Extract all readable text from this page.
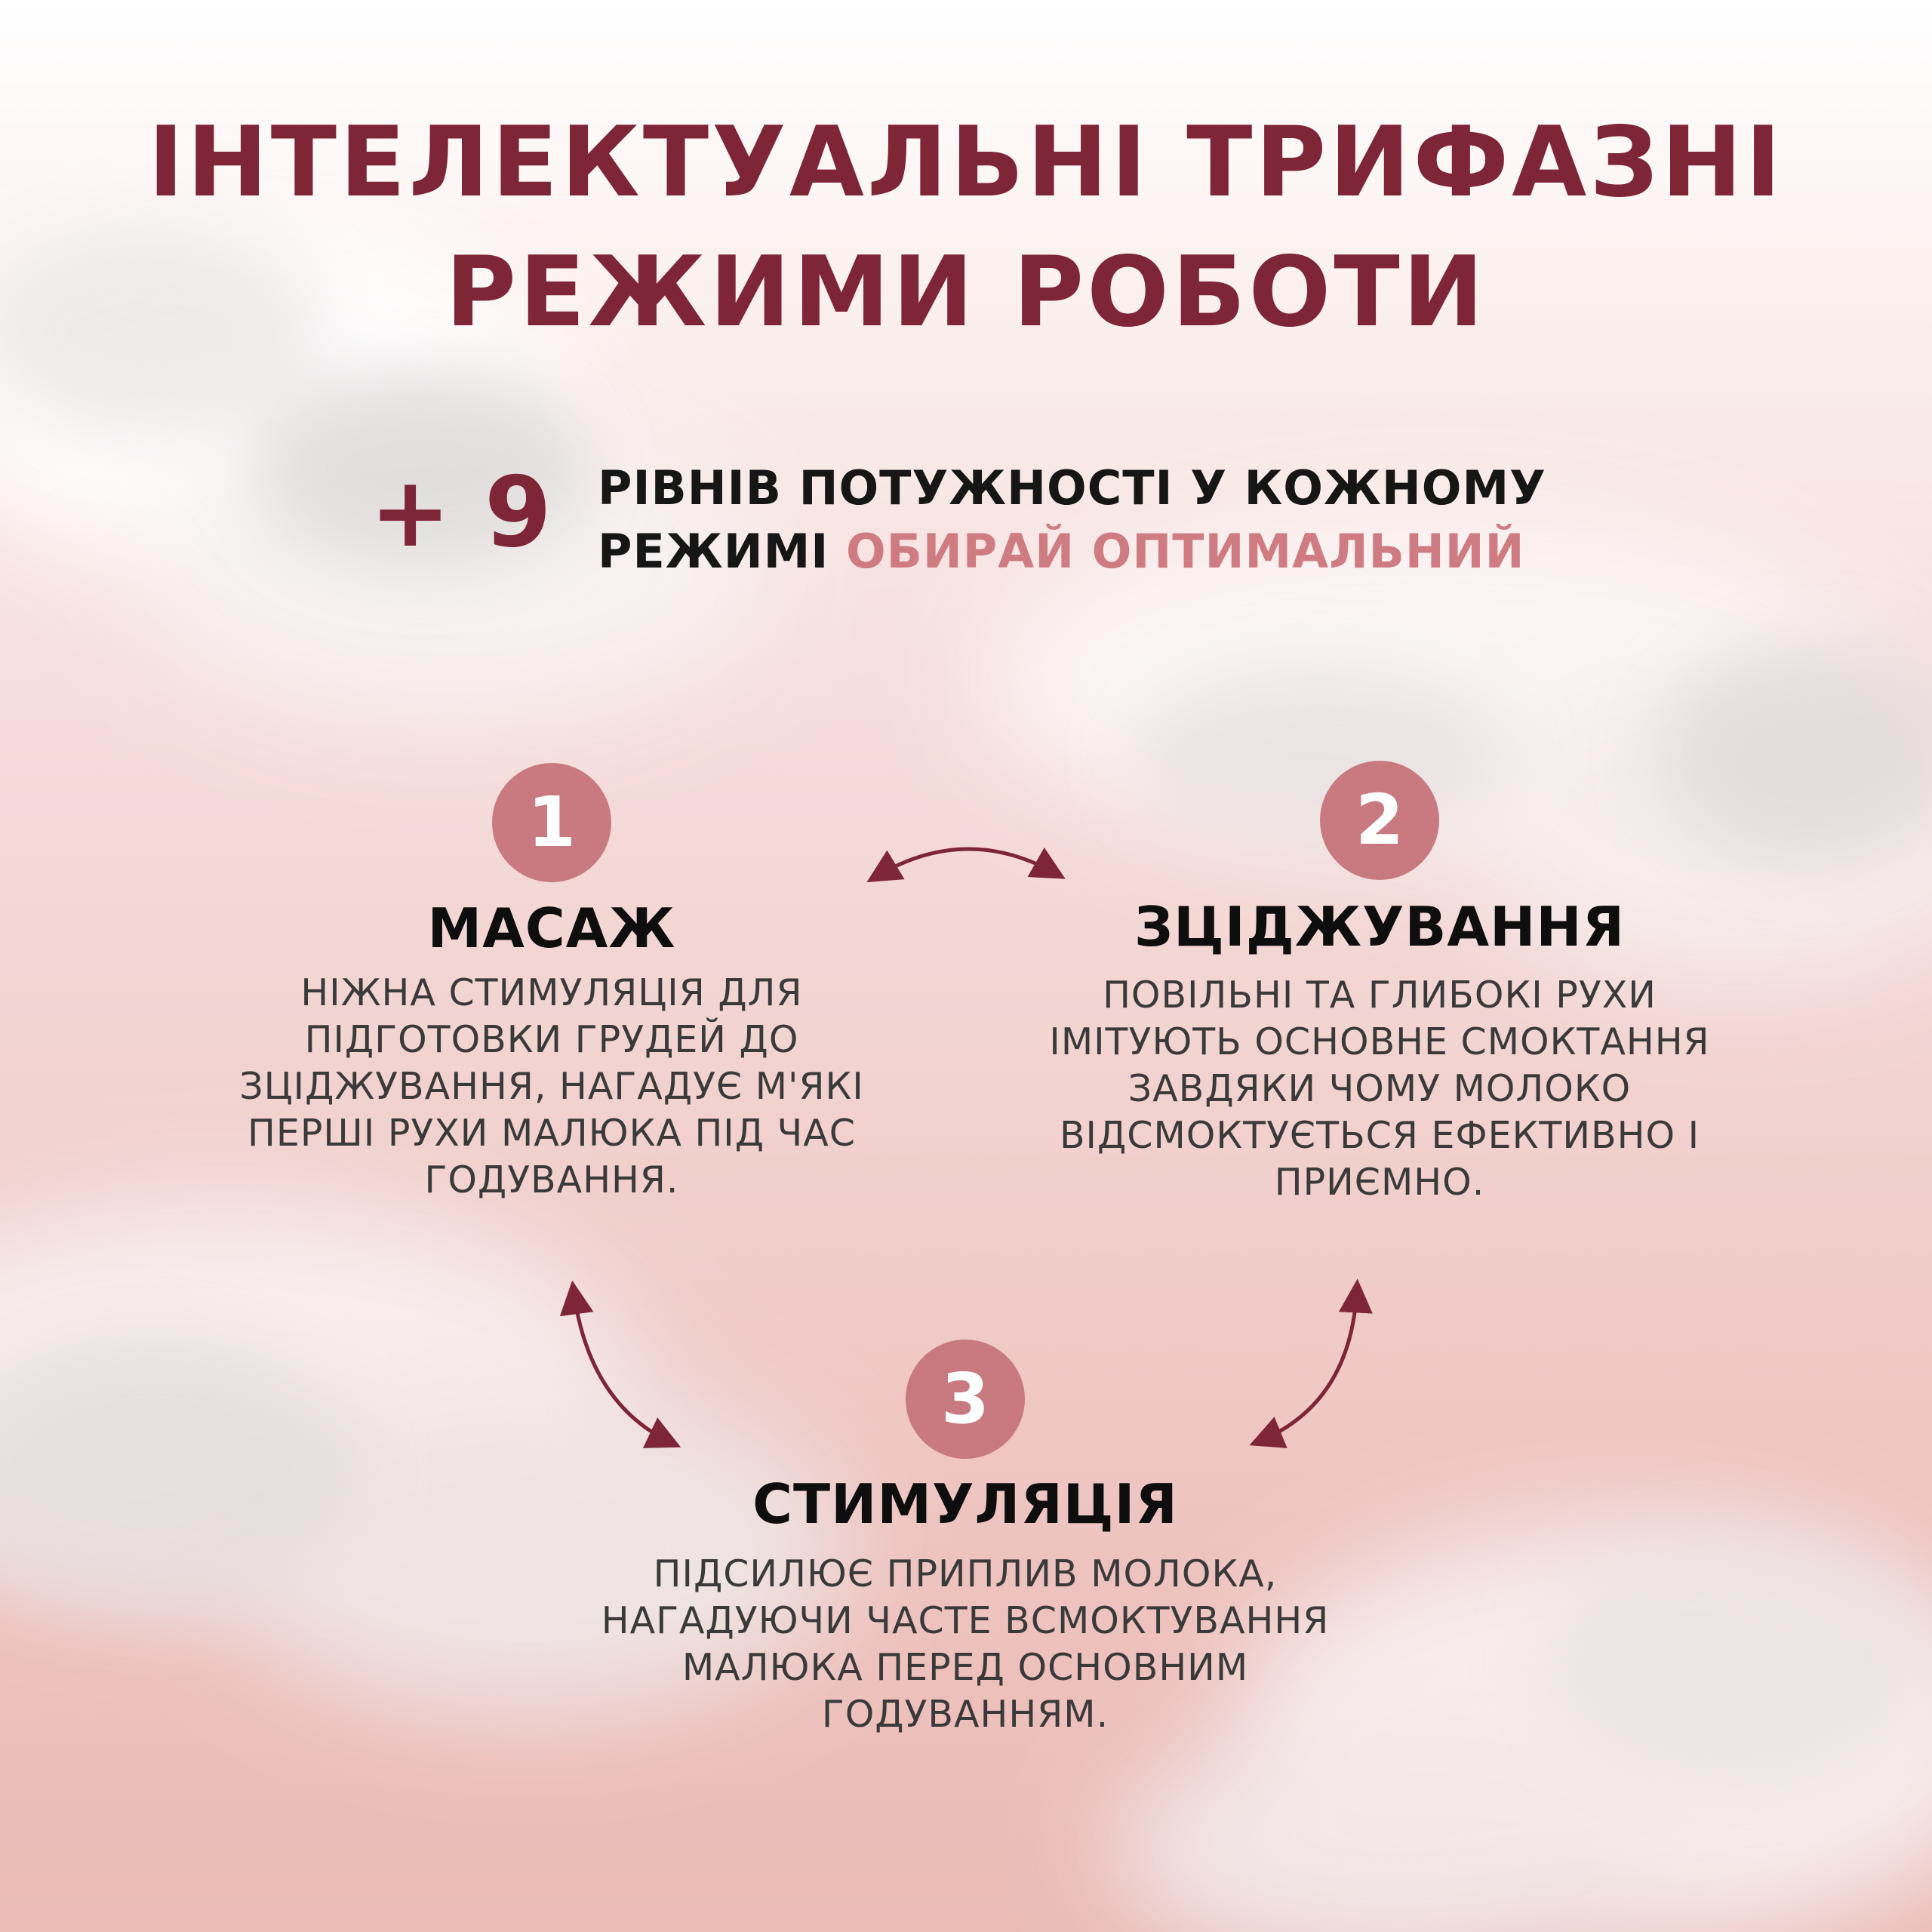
ІНТЕЛЕКТУАЛЬНІ ТРИФАЗНІ
РЕЖИМИ РОБОТИ
+ 9 РІВНІВ ПОТУЖНОСТІ У КОЖНОМУ
РЕЖИМІ ОБИРАЙ ОПТИМАЛЬНИЙ
1
МАСАЖ
НІЖНА СТИМУЛЯЦІЯ ДЛЯ
ПІДГОТОВКИ ГРУДЕЙ ДО
ЗЦІДЖУВАННЯ, НАГАДУЄ М'ЯКІ
ПЕРШІ РУХИ МАЛЮКА ПІД ЧАС
ГОДУВАННЯ.
2
ЗЦІДЖУВАННЯ
ПОВІЛЬНІ ТА ГЛИБОКІ РУХИ
ІМІТУЮТЬ ОСНОВНЕ СМОКТАННЯ
ЗАВДЯКИ ЧОМУ МОЛОКО
ВІДСМОКТУЄТЬСЯ ЕФЕКТИВНО І
ПРИЄМНО.
3
СТИМУЛЯЦІЯ
ПІДСИЛЮЄ ПРИПЛИВ МОЛОКА,
НАГАДУЮЧИ ЧАСТЕ ВСМОКТУВАННЯ
МАЛЮКА ПЕРЕД ОСНОВНИМ
ГОДУВАННЯМ.
